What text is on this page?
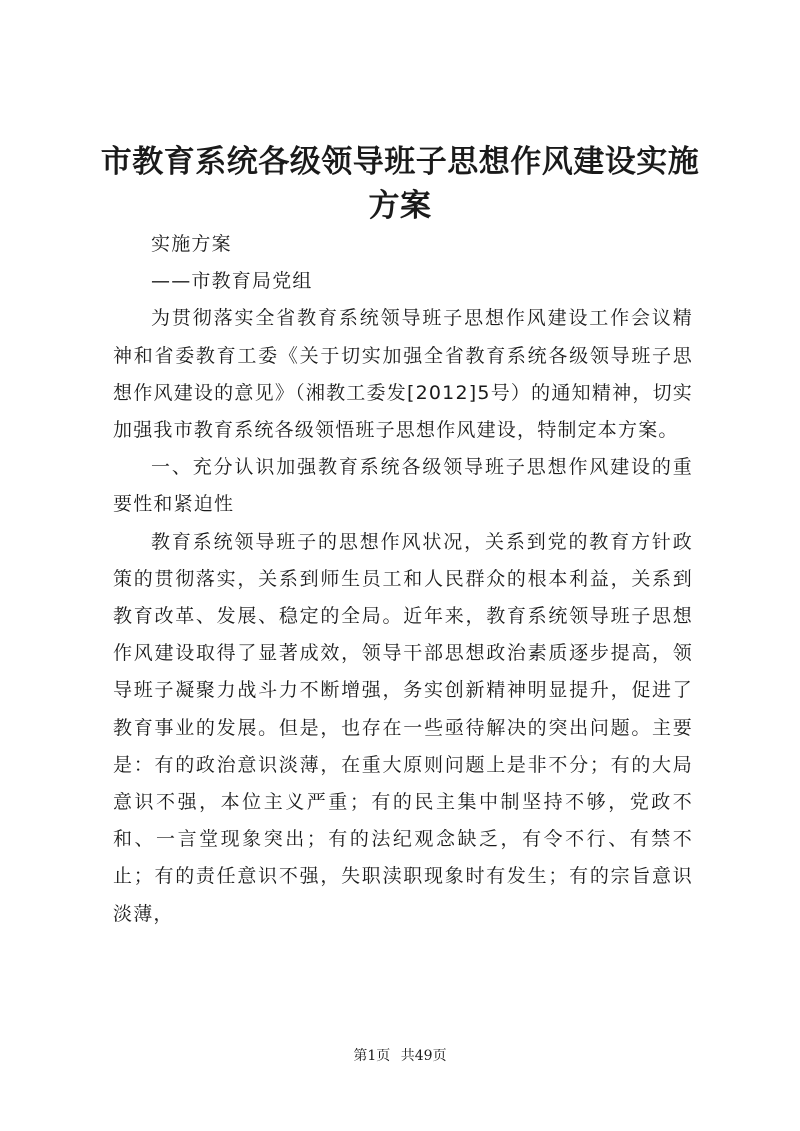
市教育系统各级领导班子思想作风建设实施方案

实施方案

——市教育局党组

为贯彻落实全省教育系统领导班子思想作风建设工作会议精神和省委教育工委《关于切实加强全省教育系统各级领导班子思想作风建设的意见》（湘教工委发[2012]5号）的通知精神，切实加强我市教育系统各级领悟班子思想作风建设，特制定本方案。

一、充分认识加强教育系统各级领导班子思想作风建设的重要性和紧迫性

教育系统领导班子的思想作风状况，关系到党的教育方针政策的贯彻落实，关系到师生员工和人民群众的根本利益，关系到教育改革、发展、稳定的全局。近年来，教育系统领导班子思想作风建设取得了显著成效，领导干部思想政治素质逐步提高，领导班子凝聚力战斗力不断增强，务实创新精神明显提升，促进了教育事业的发展。但是，也存在一些亟待解决的突出问题。主要是：有的政治意识淡薄，在重大原则问题上是非不分；有的大局意识不强，本位主义严重；有的民主集中制坚持不够，党政不和、一言堂现象突出；有的法纪观念缺乏，有令不行、有禁不止；有的责任意识不强，失职渎职现象时有发生；有的宗旨意识淡薄，

第1页 共49页
